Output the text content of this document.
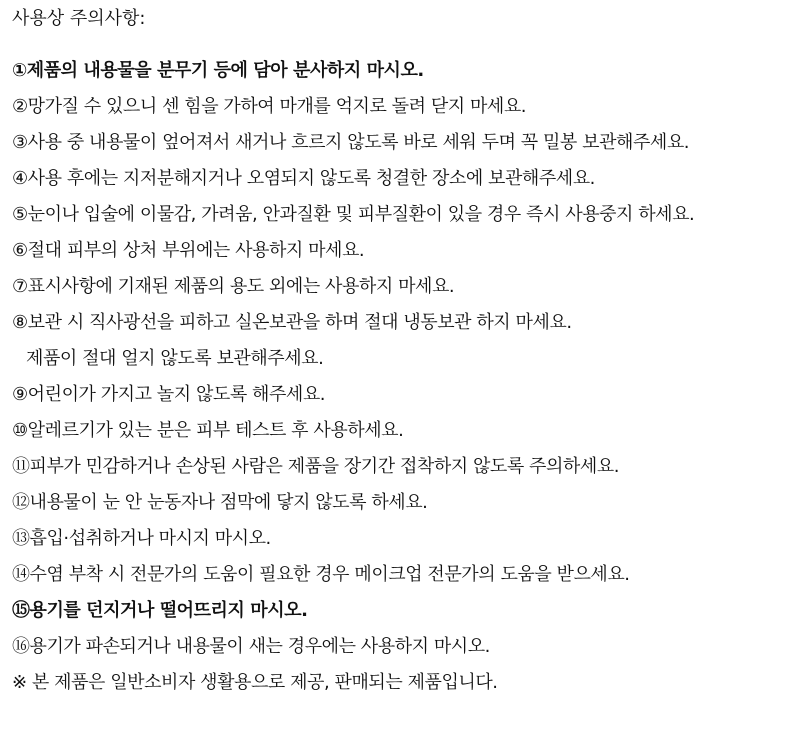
사용상 주의사항:
①제품의 내용물을 분무기 등에 담아 분사하지 마시오.
②망가질 수 있으니 센 힘을 가하여 마개를 억지로 돌려 닫지 마세요.
③사용 중 내용물이 엎어져서 새거나 흐르지 않도록 바로 세워 두며 꼭 밀봉 보관해주세요.
④사용 후에는 지저분해지거나 오염되지 않도록 청결한 장소에 보관해주세요.
⑤눈이나 입술에 이물감, 가려움, 안과질환 및 피부질환이 있을 경우 즉시 사용중지 하세요.
⑥절대 피부의 상처 부위에는 사용하지 마세요.
⑦표시사항에 기재된 제품의 용도 외에는 사용하지 마세요.
⑧보관 시 직사광선을 피하고 실온보관을 하며 절대 냉동보관 하지 마세요.
제품이 절대 얼지 않도록 보관해주세요.
⑨어린이가 가지고 놀지 않도록 해주세요.
⑩알레르기가 있는 분은 피부 테스트 후 사용하세요.
⑪피부가 민감하거나 손상된 사람은 제품을 장기간 접착하지 않도록 주의하세요.
⑫내용물이 눈 안 눈동자나 점막에 닿지 않도록 하세요.
⑬흡입·섭취하거나 마시지 마시오.
⑭수염 부착 시 전문가의 도움이 필요한 경우 메이크업 전문가의 도움을 받으세요.
⑮용기를 던지거나 떨어뜨리지 마시오.
⑯용기가 파손되거나 내용물이 새는 경우에는 사용하지 마시오.
※ 본 제품은 일반소비자 생활용으로 제공, 판매되는 제품입니다.
